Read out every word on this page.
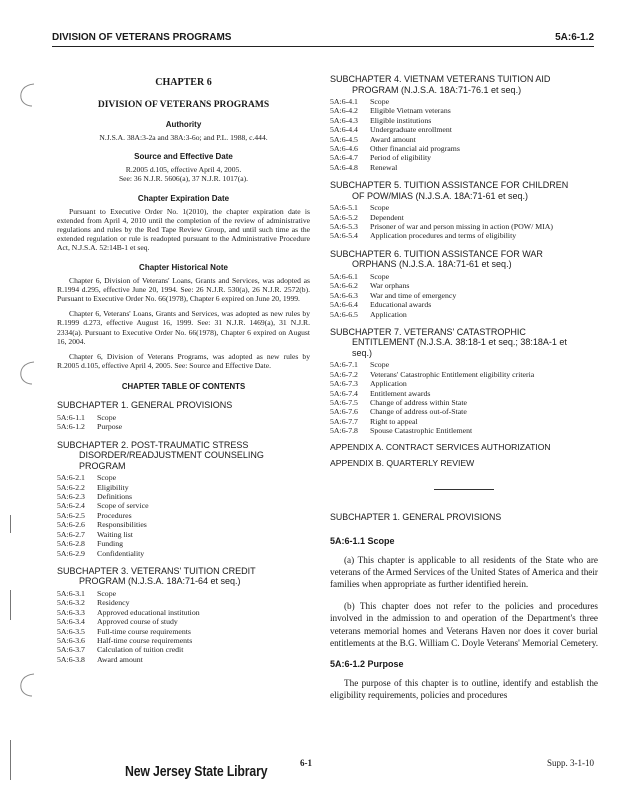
DIVISION OF VETERANS PROGRAMS	5A:6-1.2
CHAPTER 6
DIVISION OF VETERANS PROGRAMS
Authority
N.J.S.A. 38A:3-2a and 38A:3-6o; and P.L. 1988, c.444.
Source and Effective Date
R.2005 d.105, effective April 4, 2005.
See: 36 N.J.R. 5606(a), 37 N.J.R. 1017(a).
Chapter Expiration Date

Pursuant to Executive Order No. 1(2010), the chapter expiration date is extended from April 4, 2010 until the completion of the review of administrative regulations and rules by the Red Tape Review Group, and until such time as the extended regulation or rule is readopted pursuant to the Administrative Procedure Act, N.J.S.A. 52:14B-1 et seq.

Chapter Historical Note

Chapter 6, Division of Veterans' Loans, Grants and Services, was adopted as R.1994 d.295, effective June 20, 1994. See: 26 N.J.R. 530(a), 26 N.J.R. 2572(b). Pursuant to Executive Order No. 66(1978), Chapter 6 expired on June 20, 1999.

Chapter 6, Veterans' Loans, Grants and Services, was adopted as new rules by R.1999 d.273, effective August 16, 1999. See: 31 N.J.R. 1469(a), 31 N.J.R. 2334(a). Pursuant to Executive Order No. 66(1978), Chapter 6 expired on August 16, 2004.

Chapter 6, Division of Veterans Programs, was adopted as new rules by R.2005 d.105, effective April 4, 2005. See: Source and Effective Date.

CHAPTER TABLE OF CONTENTS
SUBCHAPTER 1. GENERAL PROVISIONS
5A:6-1.1	Scope
5A:6-1.2	Purpose
SUBCHAPTER 2. POST-TRAUMATIC STRESS
DISORDER/READJUSTMENT COUNSELING
PROGRAM
5A:6-2.1	Scope
5A:6-2.2	Eligibility
5A:6-2.3	Definitions
5A:6-2.4	Scope of service
5A:6-2.5	Procedures
5A:6-2.6	Responsibilities
5A:6-2.7	Waiting list
5A:6-2.8	Funding
5A:6-2.9	Confidentiality
SUBCHAPTER 3. VETERANS' TUITION CREDIT
PROGRAM (N.J.S.A. 18A:71-64 et seq.)
5A:6-3.1	Scope
5A:6-3.2	Residency
5A:6-3.3	Approved educational institution
5A:6-3.4	Approved course of study
5A:6-3.5	Full-time course requirements
5A:6-3.6	Half-time course requirements
5A:6-3.7	Calculation of tuition credit
5A:6-3.8	Award amount
SUBCHAPTER 4. VIETNAM VETERANS TUITION AID
PROGRAM (N.J.S.A. 18A:71-76.1 et seq.)
5A:6-4.1	Scope
5A:6-4.2	Eligible Vietnam veterans
5A:6-4.3	Eligible institutions
5A:6-4.4	Undergraduate enrollment
5A:6-4.5	Award amount
5A:6-4.6	Other financial aid programs
5A:6-4.7	Period of eligibility
5A:6-4.8	Renewal
SUBCHAPTER 5. TUITION ASSISTANCE FOR CHILDREN
OF POW/MIAS (N.J.S.A. 18A:71-61 et seq.)
5A:6-5.1	Scope
5A:6-5.2	Dependent
5A:6-5.3	Prisoner of war and person missing in action (POW/ MIA)
5A:6-5.4	Application procedures and terms of eligibility
SUBCHAPTER 6. TUITION ASSISTANCE FOR WAR
ORPHANS (N.J.S.A. 18A:71-61 et seq.)
5A:6-6.1	Scope
5A:6-6.2	War orphans
5A:6-6.3	War and time of emergency
5A:6-6.4	Educational awards
5A:6-6.5	Application
SUBCHAPTER 7. VETERANS' CATASTROPHIC
ENTITLEMENT (N.J.S.A. 38:18-1 et seq.; 38:18A-1 et
seq.)
5A:6-7.1	Scope
5A:6-7.2	Veterans' Catastrophic Entitlement eligibility criteria
5A:6-7.3	Application
5A:6-7.4	Entitlement awards
5A:6-7.5	Change of address within State
5A:6-7.6	Change of address out-of-State
5A:6-7.7	Right to appeal
5A:6-7.8	Spouse Catastrophic Entitlement
APPENDIX A. CONTRACT SERVICES AUTHORIZATION
APPENDIX B. QUARTERLY REVIEW
SUBCHAPTER 1. GENERAL PROVISIONS
5A:6-1.1 Scope

(a) This chapter is applicable to all residents of the State who are veterans of the Armed Services of the United States of America and their families when appropriate as further identified herein.

(b) This chapter does not refer to the policies and procedures involved in the admission to and operation of the Department's three veterans memorial homes and Veterans Haven nor does it cover burial entitlements at the B.G. William C. Doyle Veterans' Memorial Cemetery.

5A:6-1.2 Purpose

The purpose of this chapter is to outline, identify and establish the eligibility requirements, policies and procedures

New Jersey State Library	6-1	Supp. 3-1-10
